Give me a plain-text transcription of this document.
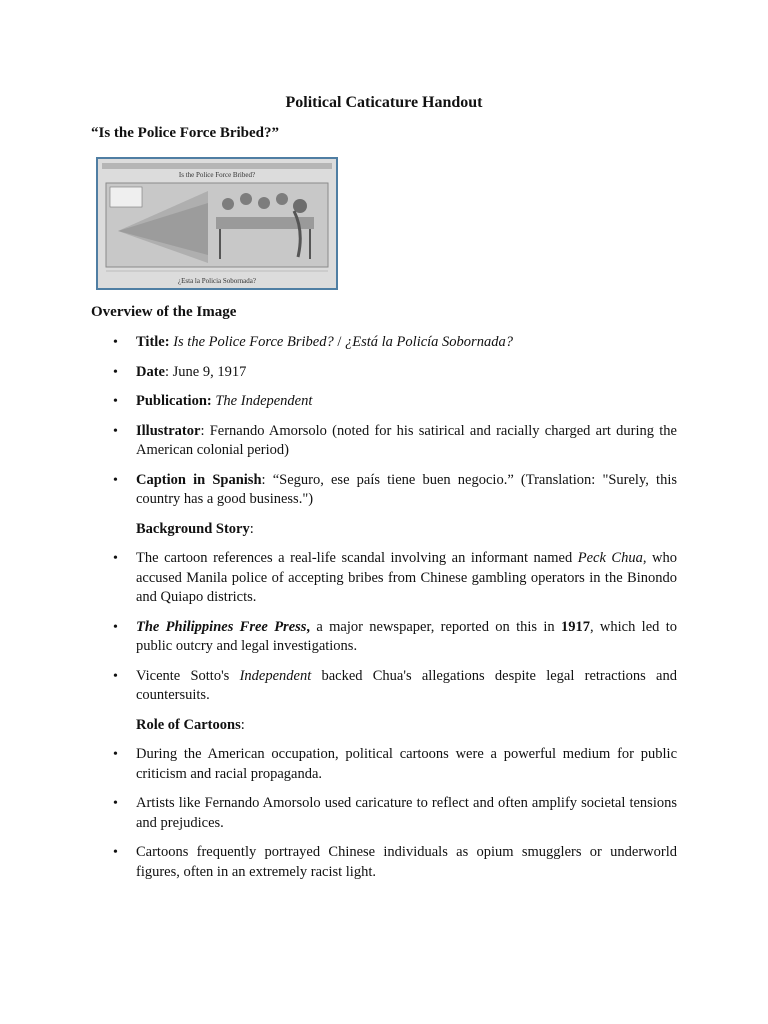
Political Caticature Handout
“Is the Police Force Bribed?”
Is the Police Force Bribed?
¿Esta la Policia Sobornada?
Overview of the Image
• Title: Is the Police Force Bribed? / ¿Está la Policía Sobornada?
• Date: June 9, 1917
• Publication: The Independent
• Illustrator: Fernando Amorsolo (noted for his satirical and racially charged art during the American colonial period)
• Caption in Spanish: “Seguro, ese país tiene buen negocio.” (Translation: "Surely, this country has a good business.")
Background Story:
• The cartoon references a real-life scandal involving an informant named Peck Chua, who accused Manila police of accepting bribes from Chinese gambling operators in the Binondo and Quiapo districts.
• The Philippines Free Press, a major newspaper, reported on this in 1917, which led to public outcry and legal investigations.
• Vicente Sotto's Independent backed Chua's allegations despite legal retractions and countersuits.
Role of Cartoons:
• During the American occupation, political cartoons were a powerful medium for public criticism and racial propaganda.
• Artists like Fernando Amorsolo used caricature to reflect and often amplify societal tensions and prejudices.
• Cartoons frequently portrayed Chinese individuals as opium smugglers or underworld figures, often in an extremely racist light.
